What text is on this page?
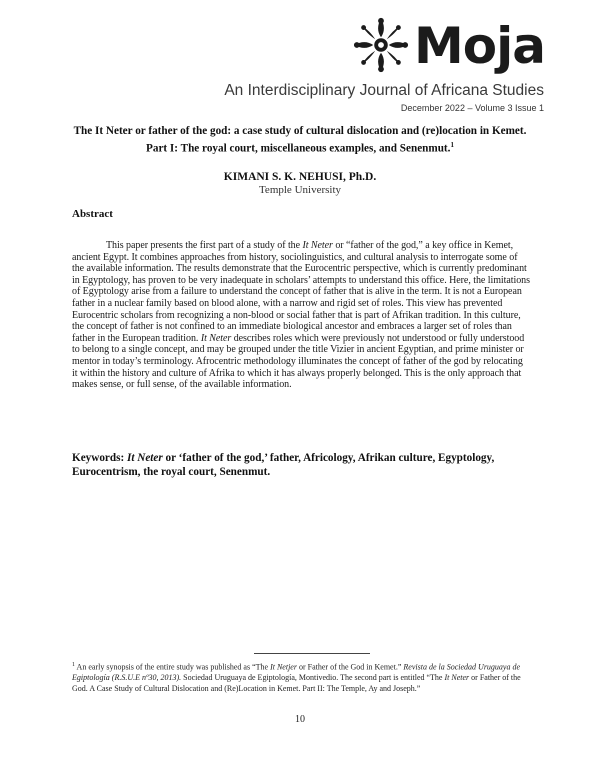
Moja
An Interdisciplinary Journal of Africana Studies
December 2022 – Volume 3 Issue 1
The It Neter or father of the god: a case study of cultural dislocation and (re)location in Kemet. Part I: The royal court, miscellaneous examples, and Senenmut.$^1$
KIMANI S. K. NEHUSI, Ph.D.
Temple University
Abstract

This paper presents the first part of a study of the It Neter or “father of the god,” a key office in Kemet, ancient Egypt. It combines approaches from history, sociolinguistics, and cultural analysis to interrogate some of the available information. The results demonstrate that the Eurocentric perspective, which is currently predominant in Egyptology, has proven to be very inadequate in scholars’ attempts to understand this office. Here, the limitations of Egyptology arise from a failure to understand the concept of father that is alive in the term. It is not a European father in a nuclear family based on blood alone, with a narrow and rigid set of roles. This view has prevented Eurocentric scholars from recognizing a non-blood or social father that is part of Afrikan tradition. In this culture, the concept of father is not confined to an immediate biological ancestor and embraces a larger set of roles than father in the European tradition. It Neter describes roles which were previously not understood or fully understood to belong to a single concept, and may be grouped under the title Vizier in ancient Egyptian, and prime minister or mentor in today’s terminology. Afrocentric methodology illuminates the concept of father of the god by relocating it within the history and culture of Afrika to which it has always properly belonged. This is the only approach that makes sense, or full sense, of the available information.

Keywords: It Neter or ‘father of the god,’ father, Africology, Afrikan culture, Egyptology, Eurocentrism, the royal court, Senenmut.
$^1$ An early synopsis of the entire study was published as “The It Netjer or Father of the God in Kemet.” Revista de la Sociedad Uruguaya de Egiptología (R.S.U.E nº30, 2013). Sociedad Uruguaya de Egiptología, Montivedio. The second part is entitled “The It Neter or Father of the God. A Case Study of Cultural Dislocation and (Re)Location in Kemet. Part II: The Temple, Ay and Joseph.”
10
